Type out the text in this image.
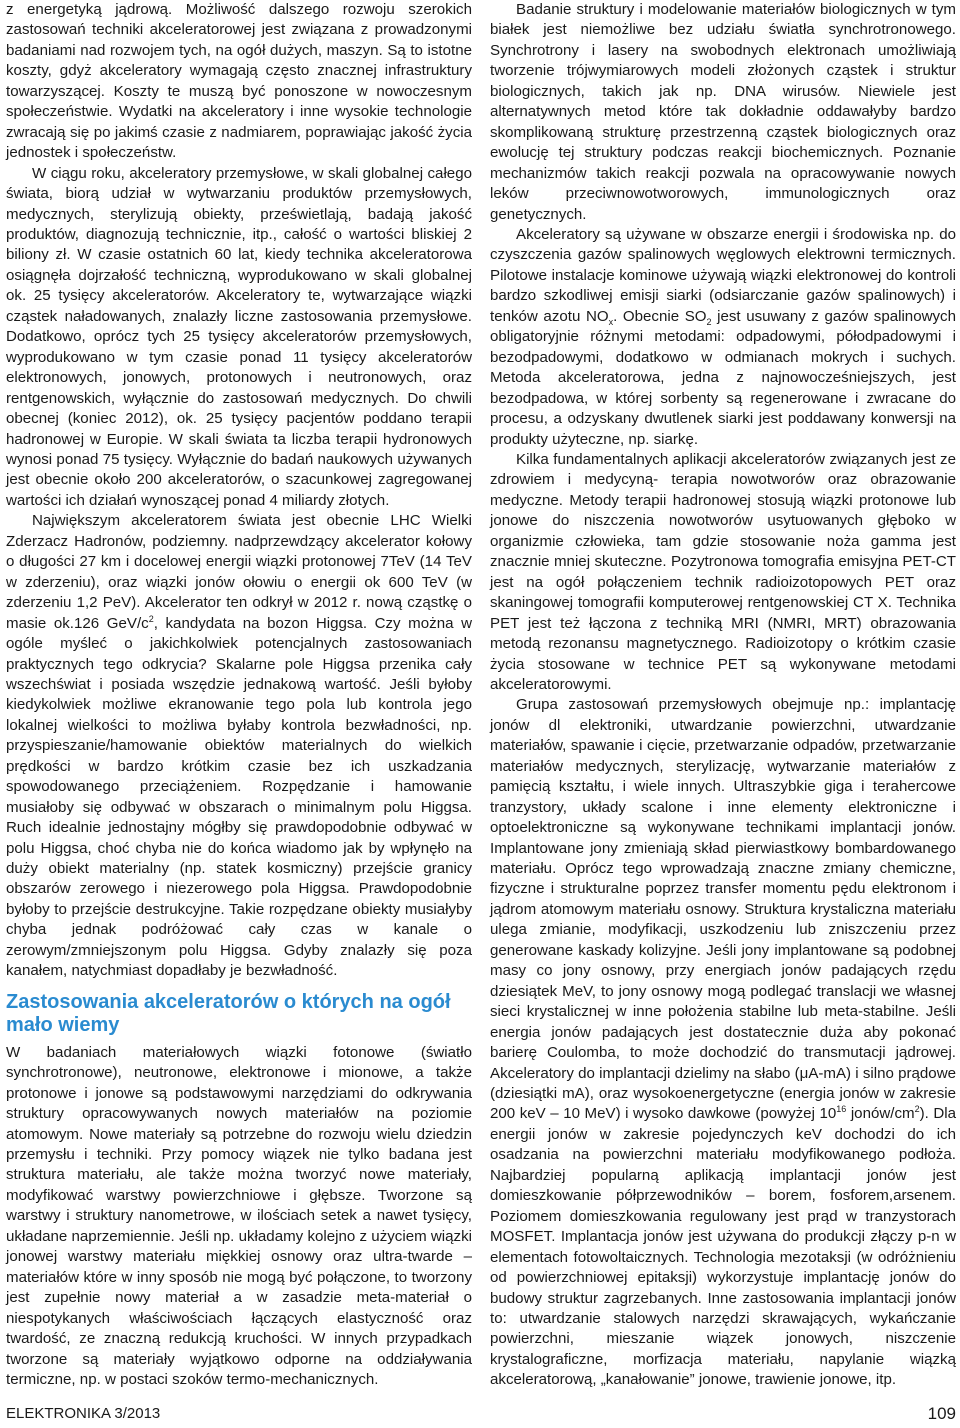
z energetyką jądrową. Możliwość dalszego rozwoju szerokich zastosowań techniki akceleratorowej jest związana z prowadzonymi badaniami nad rozwojem tych, na ogół dużych, maszyn. Są to istotne koszty, gdyż akceleratory wymagają często znacznej infrastruktury towarzyszącej. Koszty te muszą być ponoszone w nowoczesnym społeczeństwie. Wydatki na akceleratory i inne wysokie technologie zwracają się po jakimś czasie z nadmiarem, poprawiając jakość życia jednostek i społeczeństw.

W ciągu roku, akceleratory przemysłowe, w skali globalnej całego świata, biorą udział w wytwarzaniu produktów przemysłowych, medycznych, sterylizują obiekty, prześwietlają, badają jakość produktów, diagnozują technicznie, itp., całość o wartości bliskiej 2 biliony zł. W czasie ostatnich 60 lat, kiedy technika akceleratorowa osiągnęła dojrzałość techniczną, wyprodukowano w skali globalnej ok. 25 tysięcy akceleratorów. Akceleratory te, wytwarzające wiązki cząstek naładowanych, znalazły liczne zastosowania przemysłowe. Dodatkowo, oprócz tych 25 tysięcy akceleratorów przemysłowych, wyprodukowano w tym czasie ponad 11 tysięcy akceleratorów elektronowych, jonowych, protonowych i neutronowych, oraz rentgenowskich, wyłącznie do zastosowań medycznych. Do chwili obecnej (koniec 2012), ok. 25 tysięcy pacjentów poddano terapii hadronowej w Europie. W skali świata ta liczba terapii hydronowych wynosi ponad 75 tysięcy. Wyłącznie do badań naukowych używanych jest obecnie około 200 akceleratorów, o szacunkowej zagregowanej wartości ich działań wynoszącej ponad 4 miliardy złotych.

Największym akceleratorem świata jest obecnie LHC Wielki Zderzacz Hadronów, podziemny. nadprzewdzący akcelerator kołowy o długości 27 km i docelowej energii wiązki protonowej 7TeV (14 TeV w zderzeniu), oraz wiązki jonów ołowiu o energii ok 600 TeV (w zderzeniu 1,2 PeV). Akcelerator ten odkrył w 2012 r. nową cząstkę o masie ok.126 GeV/$c^2$, kandydata na bozon Higgsa. Czy można w ogóle myśleć o jakichkolwiek potencjalnych zastosowaniach praktycznych tego odkrycia? Skalarne pole Higgsa przenika cały wszechświat i posiada wszędzie jednakową wartość. Jeśli byłoby kiedykolwiek możliwe ekranowanie tego pola lub kontrola jego lokalnej wielkości to możliwa byłaby kontrola bezwładności, np. przyspieszanie/hamowanie obiektów materialnych do wielkich prędkości w bardzo krótkim czasie bez ich uszkadzania spowodowanego przeciążeniem. Rozpędzanie i hamowanie musiałoby się odbywać w obszarach o minimalnym polu Higgsa. Ruch idealnie jednostajny mógłby się prawdopodobnie odbywać w polu Higgsa, choć chyba nie do końca wiadomo jak by wpłynęło na duży obiekt materialny (np. statek kosmiczny) przejście granicy obszarów zerowego i niezerowego pola Higgsa. Prawdopodobnie byłoby to przejście destrukcyjne. Takie rozpędzane obiekty musiałyby chyba jednak podróżować cały czas w kanale o zerowym/zmniejszonym polu Higgsa. Gdyby znalazły się poza kanałem, natychmiast dopadłaby je bezwładność.

Zastosowania akceleratorów o których na ogół mało wiemy

W badaniach materiałowych wiązki fotonowe (światło synchrotronowe), neutronowe, elektronowe i mionowe, a także protonowe i jonowe są podstawowymi narzędziami do odkrywania struktury opracowywanych nowych materiałów na poziomie atomowym. Nowe materiały są potrzebne do rozwoju wielu dziedzin przemysłu i techniki. Przy pomocy wiązek nie tylko badana jest struktura materiału, ale także można tworzyć nowe materiały, modyfikować warstwy powierzchniowe i głębsze. Tworzone są warstwy i struktury nanometrowe, w ilościach setek a nawet tysięcy, układane naprzemiennie. Jeśli np. układamy kolejno z użyciem wiązki jonowej warstwy materiału miękkiej osnowy oraz ultra-twarde – materiałów które w inny sposób nie mogą być połączone, to tworzony jest zupełnie nowy materiał a w zasadzie meta-materiał o niespotykanych właściwościach łączących elastyczność oraz twardość, ze znaczną redukcją kruchości. W innych przypadkach tworzone są materiały wyjątkowo odporne na oddziaływania termiczne, np. w postaci szoków termo-mechanicznych.

Badanie struktury i modelowanie materiałów biologicznych w tym białek jest niemożliwe bez udziału światła synchrotronowego. Synchrotrony i lasery na swobodnych elektronach umożliwiają tworzenie trójwymiarowych modeli złożonych cząstek i struktur biologicznych, takich jak np. DNA wirusów. Niewiele jest alternatywnych metod które tak dokładnie oddawałyby bardzo skomplikowaną strukturę przestrzenną cząstek biologicznych oraz ewolucję tej struktury podczas reakcji biochemicznych. Poznanie mechanizmów takich reakcji pozwala na opracowywanie nowych leków przeciwnowotworowych, immunologicznych oraz genetycznych.

Akceleratory są używane w obszarze energii i środowiska np. do czyszczenia gazów spalinowych węglowych elektrowni termicznych. Pilotowe instalacje kominowe używają wiązki elektronowej do kontroli bardzo szkodliwej emisji siarki (odsiarczanie gazów spalinowych) i tenków azotu $NO_x$. Obecnie $SO_2$ jest usuwany z gazów spalinowych obligatoryjnie różnymi metodami: odpadowymi, półodpadowymi i bezodpadowymi, dodatkowo w odmianach mokrych i suchych. Metoda akceleratorowa, jedna z najnowocześniejszych, jest bezodpadowa, w której sorbenty są regenerowane i zwracane do procesu, a odzyskany dwutlenek siarki jest poddawany konwersji na produkty użyteczne, np. siarkę.

Kilka fundamentalnych aplikacji akceleratorów związanych jest ze zdrowiem i medycyną- terapia nowotworów oraz obrazowanie medyczne. Metody terapii hadronowej stosują wiązki protonowe lub jonowe do niszczenia nowotworów usytuowanych głęboko w organizmie człowieka, tam gdzie stosowanie noża gamma jest znacznie mniej skuteczne. Pozytronowa tomografia emisyjna PET-CT jest na ogół połączeniem technik radioizotopowych PET oraz skaningowej tomografii komputerowej rentgenowskiej CT X. Technika PET jest też łączona z techniką MRI (NMRI, MRT) obrazowania metodą rezonansu magnetycznego. Radioizotopy o krótkim czasie życia stosowane w technice PET są wykonywane metodami akceleratorowymi.

Grupa zastosowań przemysłowych obejmuje np.: implantację jonów dl elektroniki, utwardzanie powierzchni, utwardzanie materiałów, spawanie i cięcie, przetwarzanie odpadów, przetwarzanie materiałów medycznych, sterylizację, wytwarzanie materiałów z pamięcią kształtu, i wiele innych. Ultraszybkie giga i terahercowe tranzystory, układy scalone i inne elementy elektroniczne i optoelektroniczne są wykonywane technikami implantacji jonów. Implantowane jony zmieniają skład pierwiastkowy bombardowanego materiału. Oprócz tego wprowadzają znaczne zmiany chemiczne, fizyczne i strukturalne poprzez transfer momentu pędu elektronom i jądrom atomowym materiału osnowy. Struktura krystaliczna materiału ulega zmianie, modyfikacji, uszkodzeniu lub zniszczeniu przez generowane kaskady kolizyjne. Jeśli jony implantowane są podobnej masy co jony osnowy, przy energiach jonów padających rzędu dziesiątek MeV, to jony osnowy mogą podlegać translacji we własnej sieci krystalicznej w inne położenia stabilne lub meta-stabilne. Jeśli energia jonów padających jest dostatecznie duża aby pokonać barierę Coulomba, to może dochodzić do transmutacji jądrowej. Akceleratory do implantacji dzielimy na słabo (μA-mA) i silno prądowe (dziesiątki mA), oraz wysokoenergetyczne (energia jonów w zakresie 200 keV – 10 MeV) i wysoko dawkowe (powyżej $10^{16}$ jonów/$cm^2$). Dla energii jonów w zakresie pojedynczych keV dochodzi do ich osadzania na powierzchni materiału modyfikowanego podłoża. Najbardziej popularną aplikacją implantacji jonów jest domieszkowanie półprzewodników – borem, fosforem,arsenem. Poziomem domieszkowania regulowany jest prąd w tranzystorach MOSFET. Implantacja jonów jest używana do produkcji złączy p-n w elementach fotowoltaicznych. Technologia mezotaksji (w odróżnieniu od powierzchniowej epitaksji) wykorzystuje implantację jonów do budowy struktur zagrzebanych. Inne zastosowania implantacji jonów to: utwardzanie stalowych narzędzi skrawających, wykańczanie powierzchni, mieszanie wiązek jonowych, niszczenie krystalograficzne, morfizacja materiału, napylanie wiązką akceleratorową, „kanałowanie” jonowe, trawienie jonowe, itp.

ELEKTRONIKA 3/2013	109
